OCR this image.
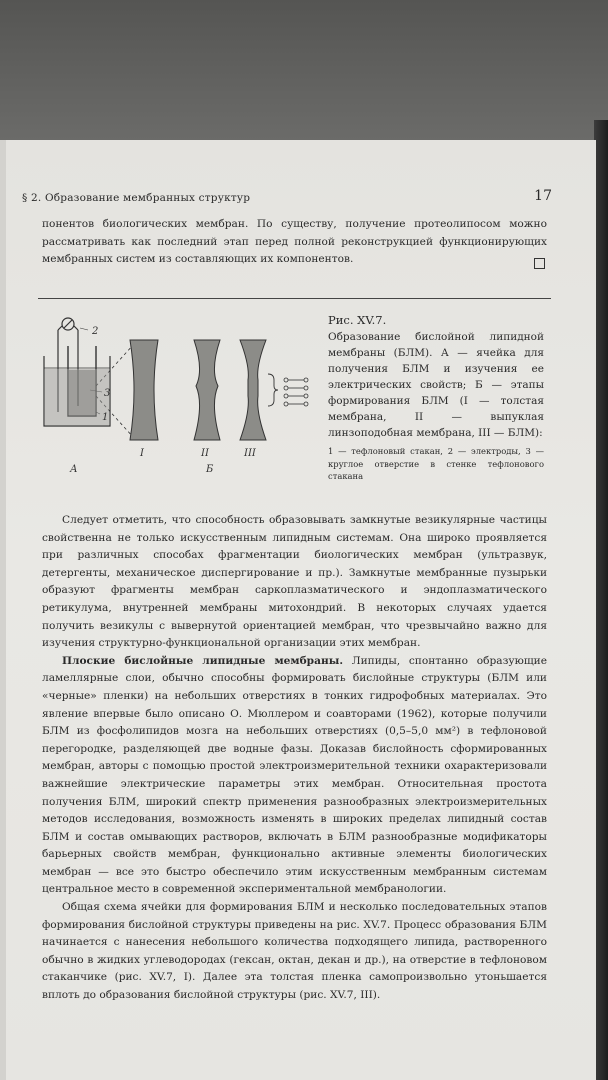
§ 2. Образование мембранных структур	17

понентов биологических мембран. По существу, получение протеолипосом можно рассматривать как последний этап перед полной реконструкцией функционирующих мембранных систем из составляющих их компонентов.

2
3
1
А	Б
I	II	III
Рис. XV.7.
Образование бислойной липидной мембраны (БЛМ). А — ячейка для получения БЛМ и изучения ее электрических свойств; Б — этапы формирования БЛМ (I — толстая мембрана, II — выпуклая линзоподобная мембрана, III — БЛМ):
1 — тефлоновый стакан, 2 — электроды, 3 — круглое отверстие в стенке тефлонового стакана

Следует отметить, что способность образовывать замкнутые везикулярные частицы свойственна не только искусственным липидным системам. Она широко проявляется при различных способах фрагментации биологических мембран (ультразвук, детергенты, механическое диспергирование и пр.). Замкнутые мембранные пузырьки образуют фрагменты мембран саркоплазматического и эндоплазматического ретикулума, внутренней мембраны митохондрий. В некоторых случаях удается получить везикулы с вывернутой ориентацией мембран, что чрезвычайно важно для изучения структурно-функциональной организации этих мембран.

Плоские бислойные липидные мембраны. Липиды, спонтанно образующие ламеллярные слои, обычно способны формировать бислойные структуры (БЛМ или «черные» пленки) на небольших отверстиях в тонких гидрофобных материалах. Это явление впервые было описано О. Мюллером и соавторами (1962), которые получили БЛМ из фосфолипидов мозга на небольших отверстиях (0,5–5,0 мм²) в тефлоновой перегородке, разделяющей две водные фазы. Доказав бислойность сформированных мембран, авторы с помощью простой электроизмерительной техники охарактеризовали важнейшие электрические параметры этих мембран. Относительная простота получения БЛМ, широкий спектр применения разнообразных электроизмерительных методов исследования, возможность изменять в широких пределах липидный состав БЛМ и состав омывающих растворов, включать в БЛМ разнообразные модификаторы барьерных свойств мембран, функционально активные элементы биологических мембран — все это быстро обеспечило этим искусственным мембранным системам центральное место в современной экспериментальной мембранологии.

Общая схема ячейки для формирования БЛМ и несколько последовательных этапов формирования бислойной структуры приведены на рис. XV.7. Процесс образования БЛМ начинается с нанесения небольшого количества подходящего липида, растворенного обычно в жидких углеводородах (гексан, октан, декан и др.), на отверстие в тефлоновом стаканчике (рис. XV.7, I). Далее эта толстая пленка самопроизвольно утоньшается вплоть до образования бислойной структуры (рис. XV.7, III).
